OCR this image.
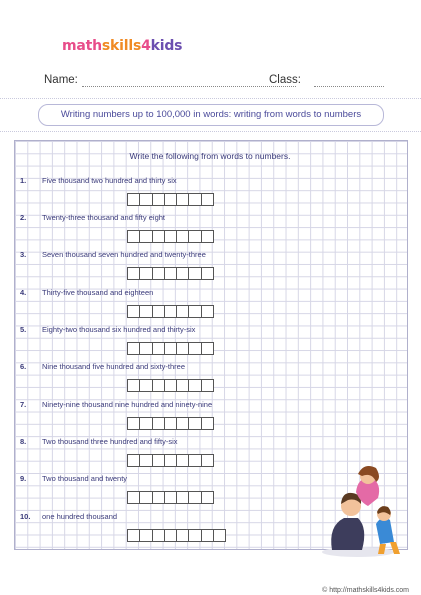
mathskills4kids
Name:	Class:
Writing numbers up to 100,000 in words: writing from words to numbers
Write the following from words to numbers.
1. Five thousand two hundred and thirty six
2. Twenty-three thousand and fifty eight
3. Seven thousand seven hundred and twenty-three
4. Thirty-five thousand and eighteen
5. Eighty-two thousand six hundred and thirty-six
6. Nine thousand five hundred and sixty-three
7. Ninety-nine thousand nine hundred and ninety-nine
8. Two thousand three hundred and fifty-six
9. Two thousand and twenty
10. one hundred thousand
© http://mathskills4kids.com
